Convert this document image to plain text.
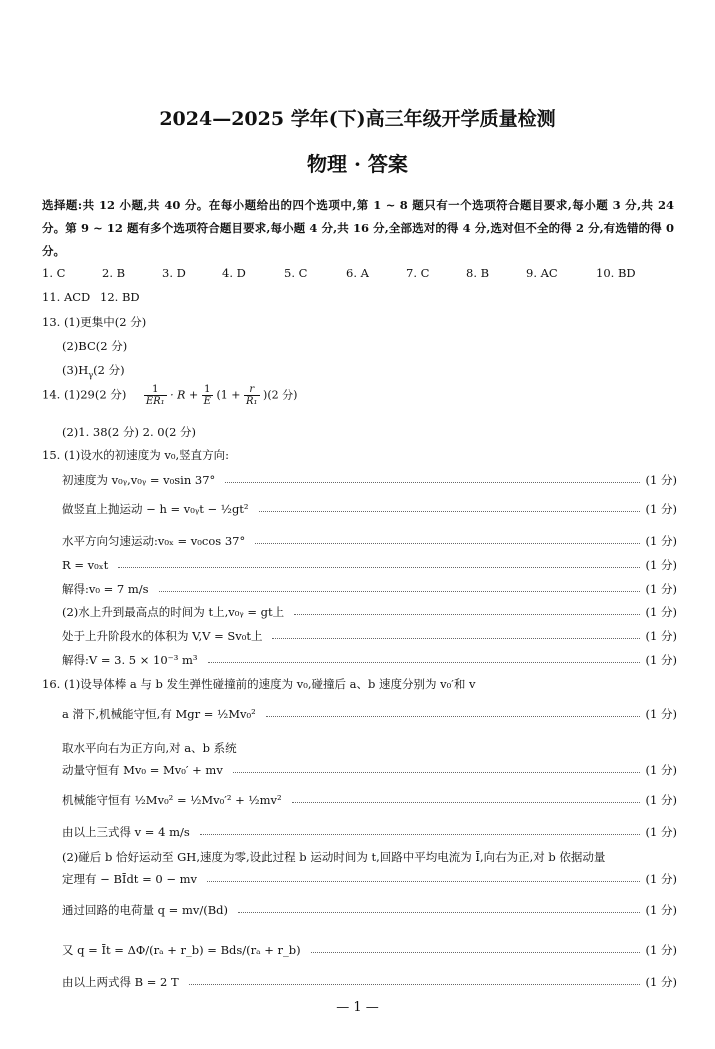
2024—2025 学年(下)高三年级开学质量检测
物理 · 答案
选择题:共 12 小题,共 40 分。在每小题给出的四个选项中,第 1 ~ 8 题只有一个选项符合题目要求,每小题 3 分,共 24 分。第 9 ~ 12 题有多个选项符合题目要求,每小题 4 分,共 16 分,全部选对的得 4 分,选对但不全的得 2 分,有选错的得 0 分。
1. C	2. B	3. D	4. D	5. C	6. A	7. C	8. B	9. AC	10. BD
11. ACD 12. BD
13. (1)更集中(2 分)
(2)BC(2 分)
$(3)H_\gamma(2$ 分)
14. (1)29(2 分) $\frac{1}{\text{ER₁}} \cdot R + \frac{1}{E} (1 + \frac{r}{\text{R₁}} )(2$ 分)
(2)1. 38(2 分) 2. 0(2 分)
15. (1)设水的初速度为 v₀,竖直方向:
初速度为 v₀ᵧ,v₀ᵧ = v₀sin 37°	(1 分)
做竖直上抛运动 − h = v₀ᵧt − ½gt²	(1 分)
水平方向匀速运动:v₀ₓ = v₀cos 37°	(1 分)
R = v₀ₓt	(1 分)
解得:v₀ = 7 m/s	(1 分)
(2)水上升到最高点的时间为 t上,v₀ᵧ = gt上	(1 分)
处于上升阶段水的体积为 V,V = Sv₀t上	(1 分)
解得:V = 3. 5 × 10⁻³ m³	(1 分)
16. (1)设导体棒 a 与 b 发生弹性碰撞前的速度为 v₀,碰撞后 a、b 速度分别为 v₀′和 v
a 滑下,机械能守恒,有 Mgr = ½Mv₀²	(1 分)
取水平向右为正方向,对 a、b 系统
动量守恒有 Mv₀ = Mv₀′ + mv	(1 分)
机械能守恒有 ½Mv₀² = ½Mv₀′² + ½mv²	(1 分)
由以上三式得 v = 4 m/s	(1 分)
(2)碰后 b 恰好运动至 GH,速度为零,设此过程 b 运动时间为 t,回路中平均电流为 Ī,向右为正,对 b 依据动量
定理有 − BĪdt = 0 − mv	(1 分)
通过回路的电荷量 q = mv/(Bd)	(1 分)
又 q = Īt = ΔΦ/(rₐ + r_b) = Bds/(rₐ + r_b)	(1 分)
由以上两式得 B = 2 T	(1 分)
— 1 —
